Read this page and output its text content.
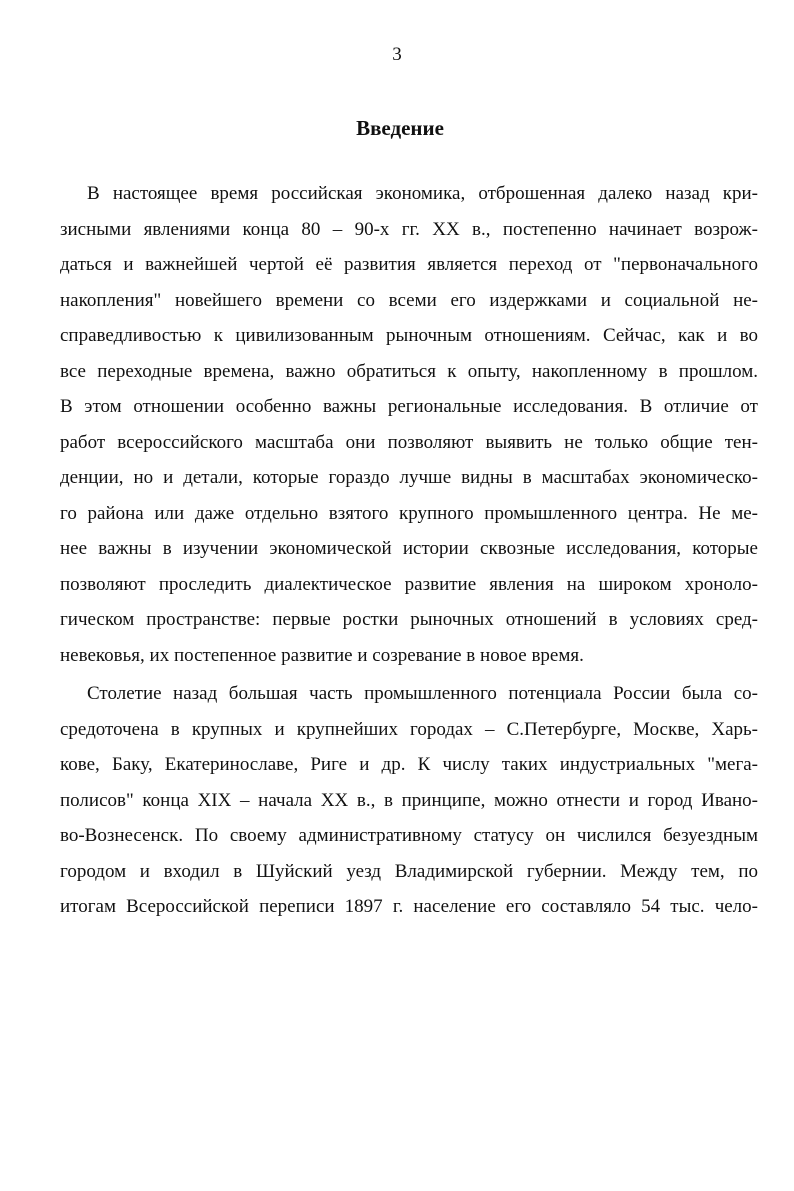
3
Введение
В настоящее время российская экономика, отброшенная далеко назад кри-
зисными явлениями конца 80 – 90-х гг. ХХ в., постепенно начинает возрож-
даться и важнейшей чертой её развития является переход от "первоначального
накопления" новейшего времени со всеми его издержками и социальной не-
справедливостью к цивилизованным рыночным отношениям. Сейчас, как и во
все переходные времена, важно обратиться к опыту, накопленному в прошлом.
В этом отношении особенно важны региональные исследования. В отличие от
работ всероссийского масштаба они позволяют выявить не только общие тен-
денции, но и детали, которые гораздо лучше видны в масштабах экономическо-
го района или даже отдельно взятого крупного промышленного центра. Не ме-
нее важны в изучении экономической истории сквозные исследования, которые
позволяют проследить диалектическое развитие явления на широком хроноло-
гическом пространстве: первые ростки рыночных отношений в условиях сред-
невековья, их постепенное развитие и созревание в новое время.
Столетие назад большая часть промышленного потенциала России была со-
средоточена в крупных и крупнейших городах – С.Петербурге, Москве, Харь-
кове, Баку, Екатеринославе, Риге и др. К числу таких индустриальных "мега-
полисов" конца XIX – начала XX в., в принципе, можно отнести и город Ивано-
во-Вознесенск. По своему административному статусу он числился безуездным
городом и входил в Шуйский уезд Владимирской губернии. Между тем, по
итогам Всероссийской переписи 1897 г. население его составляло 54 тыс. чело-
